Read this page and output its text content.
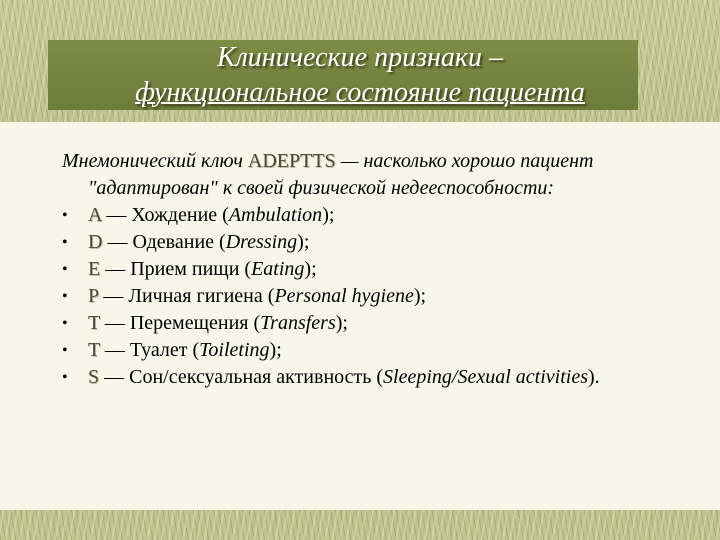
Клинические признаки –
функциональное состояние пациента

Мнемонический ключ ADEPTTS — насколько хорошо пациент "адаптирован" к своей физической недееспособности:

•	A — Хождение (Ambulation);
•	D — Одевание (Dressing);
•	E — Прием пищи (Eating);
•	P — Личная гигиена (Personal hygiene);
•	T — Перемещения (Transfers);
•	T — Туалет (Toileting);
•	S — Сон/сексуальная активность (Sleeping/Sexual activities).
